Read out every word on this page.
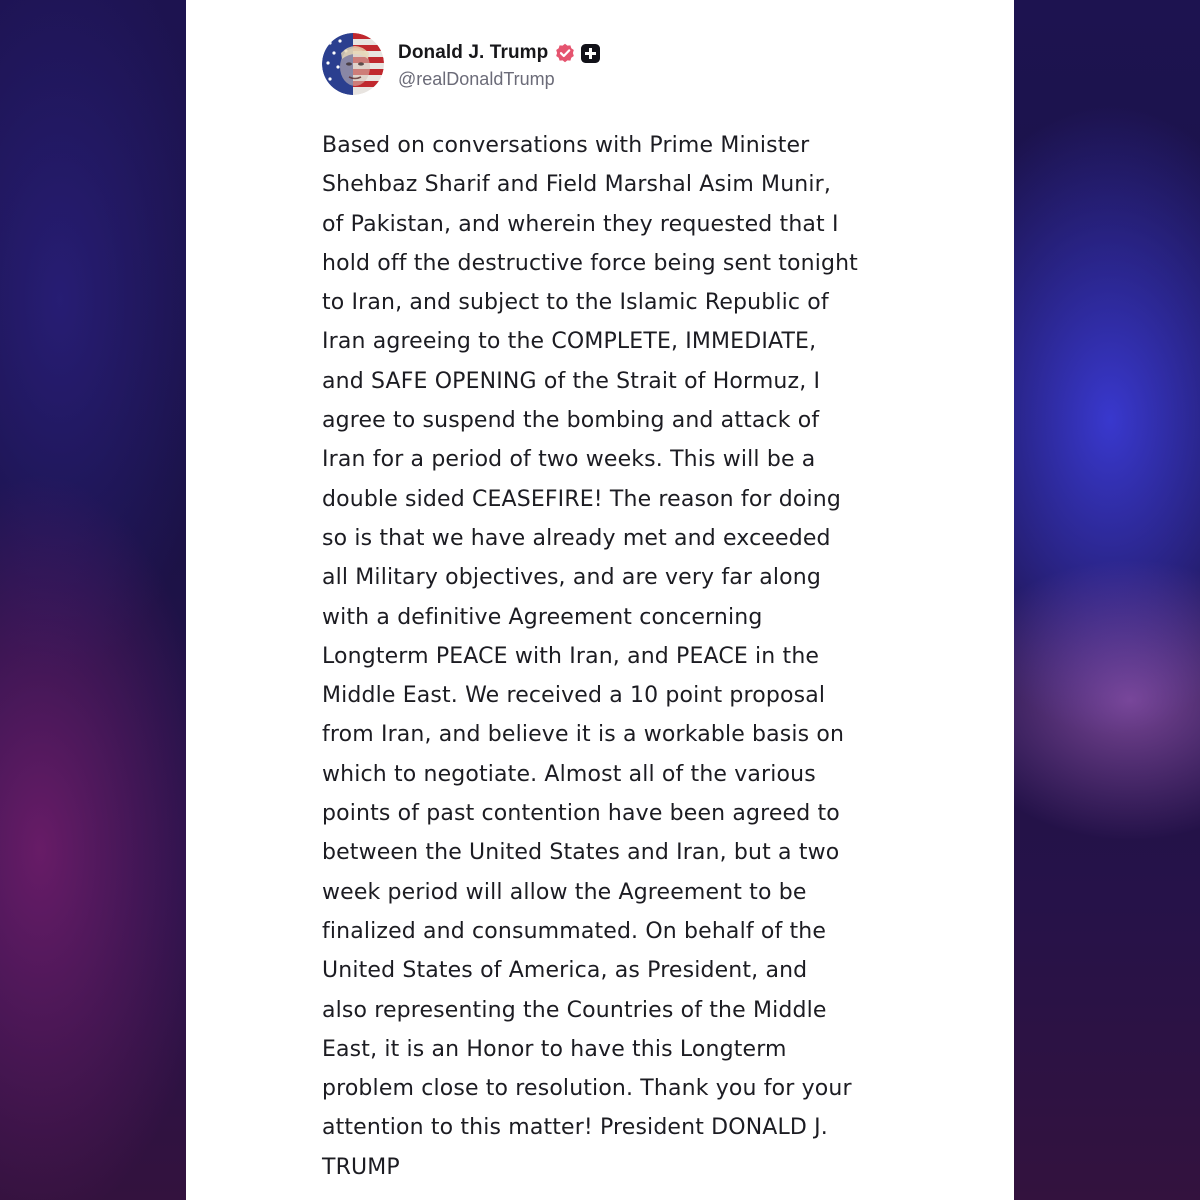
Donald J. Trump
@realDonaldTrump
Based on conversations with Prime Minister
Shehbaz Sharif and Field Marshal Asim Munir,
of Pakistan, and wherein they requested that I
hold off the destructive force being sent tonight
to Iran, and subject to the Islamic Republic of
Iran agreeing to the COMPLETE, IMMEDIATE,
and SAFE OPENING of the Strait of Hormuz, I
agree to suspend the bombing and attack of
Iran for a period of two weeks. This will be a
double sided CEASEFIRE! The reason for doing
so is that we have already met and exceeded
all Military objectives, and are very far along
with a definitive Agreement concerning
Longterm PEACE with Iran, and PEACE in the
Middle East. We received a 10 point proposal
from Iran, and believe it is a workable basis on
which to negotiate. Almost all of the various
points of past contention have been agreed to
between the United States and Iran, but a two
week period will allow the Agreement to be
finalized and consummated. On behalf of the
United States of America, as President, and
also representing the Countries of the Middle
East, it is an Honor to have this Longterm
problem close to resolution. Thank you for your
attention to this matter! President DONALD J.
TRUMP
